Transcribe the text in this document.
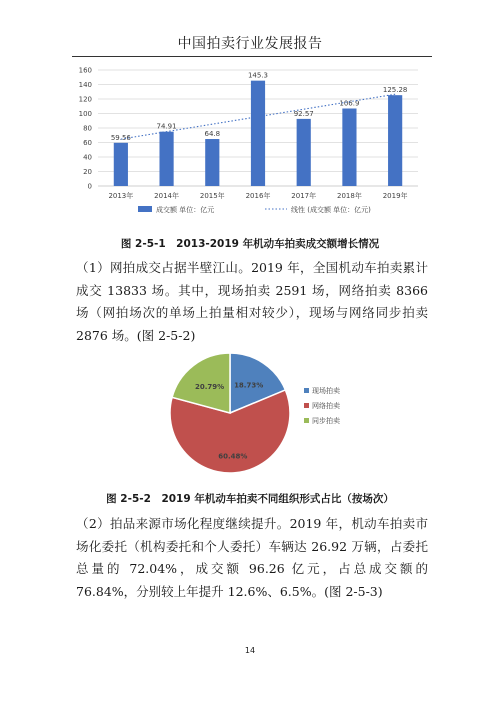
中国拍卖行业发展报告
0
20
40
60
80
100
120
140
160
59.56
2013年
74.91
2014年
64.8
2015年
145.3
2016年
92.57
2017年
106.9
2018年
125.28
2019年
成交额 单位：亿元	线性 (成交额 单位：亿元)
图 2-5-1　2013-2019 年机动车拍卖成交额增长情况

（1）网拍成交占据半壁江山。2019 年，全国机动车拍卖累计成交 13833 场。其中，现场拍卖 2591 场，网络拍卖 8366 场（网拍场次的单场上拍量相对较少），现场与网络同步拍卖 2876 场。(图 2-5-2)

18.73%
60.48%
20.79%
现场拍卖
网络拍卖
同步拍卖
图 2-5-2　2019 年机动车拍卖不同组织形式占比（按场次）

（2）拍品来源市场化程度继续提升。2019 年，机动车拍卖市场化委托（机构委托和个人委托）车辆达 26.92 万辆，占委托总量的 72.04%，成交额 96.26 亿元，占总成交额的 76.84%，分别较上年提升 12.6%、6.5%。(图 2-5-3)

14
